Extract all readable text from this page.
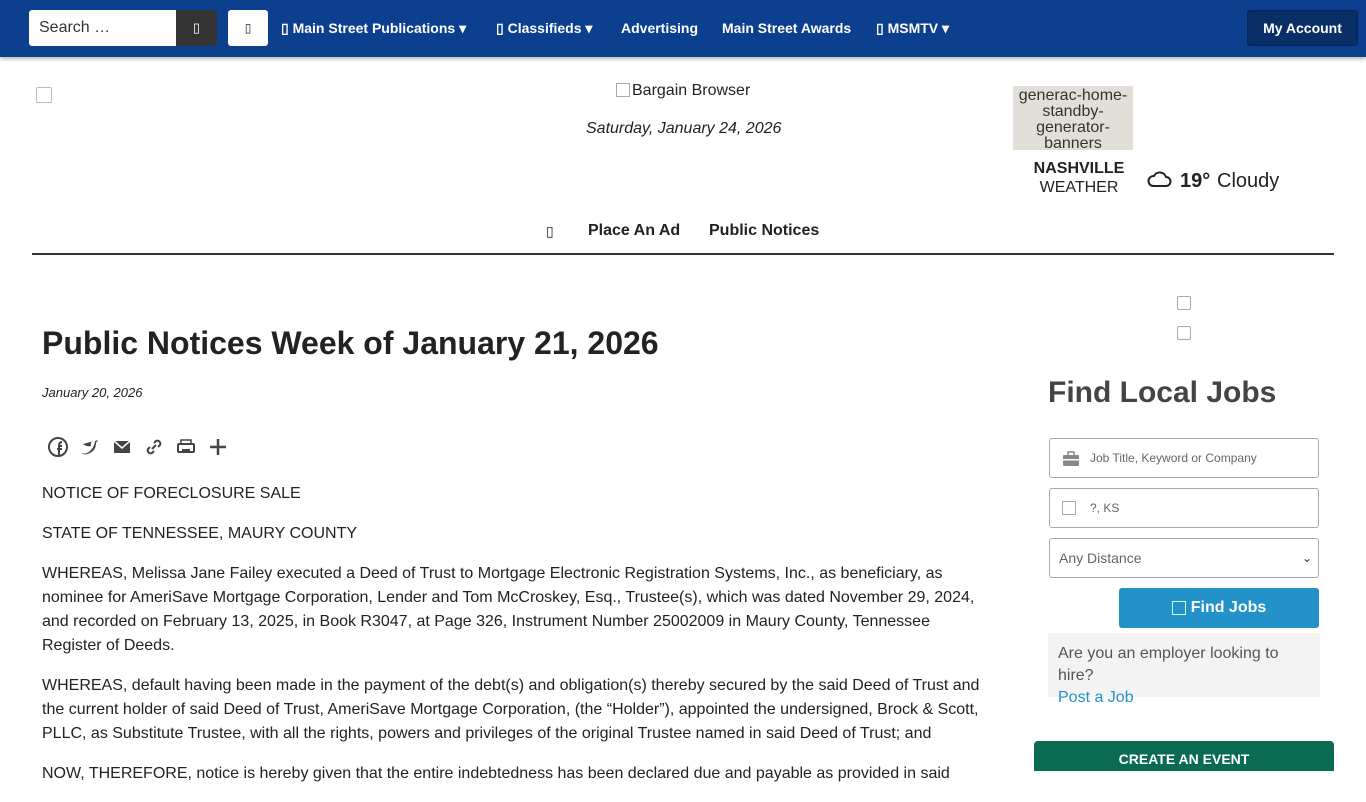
Search …	▯	▯ ▯ Main Street Publications ▾ ▯ Classifieds ▾ Advertising Main Street Awards ▯ MSMTV ▾	My Account
Bargain Browser
Saturday, January 24, 2026
generac-home-standby-generator-banners
NASHVILLE
WEATHER	19° Cloudy
▯ Place An Ad Public Notices
Public Notices Week of January 21, 2026
January 20, 2026

NOTICE OF FORECLOSURE SALE

STATE OF TENNESSEE, MAURY COUNTY

WHEREAS, Melissa Jane Failey executed a Deed of Trust to Mortgage Electronic Registration Systems, Inc., as beneficiary, as nominee for AmeriSave Mortgage Corporation, Lender and Tom McCroskey, Esq., Trustee(s), which was dated November 29, 2024, and recorded on February 13, 2025, in Book R3047, at Page 326, Instrument Number 25002009 in Maury County, Tennessee Register of Deeds.

WHEREAS, default having been made in the payment of the debt(s) and obligation(s) thereby secured by the said Deed of Trust and the current holder of said Deed of Trust, AmeriSave Mortgage Corporation, (the “Holder”), appointed the undersigned, Brock & Scott, PLLC, as Substitute Trustee, with all the rights, powers and privileges of the original Trustee named in said Deed of Trust; and

NOW, THEREFORE, notice is hereby given that the entire indebtedness has been declared due and payable as provided in said

Find Local Jobs
Job Title, Keyword or Company
?, KS
Any Distance	⌄
Find Jobs
Are you an employer looking to hire?
Post a Job
CREATE AN EVENT
